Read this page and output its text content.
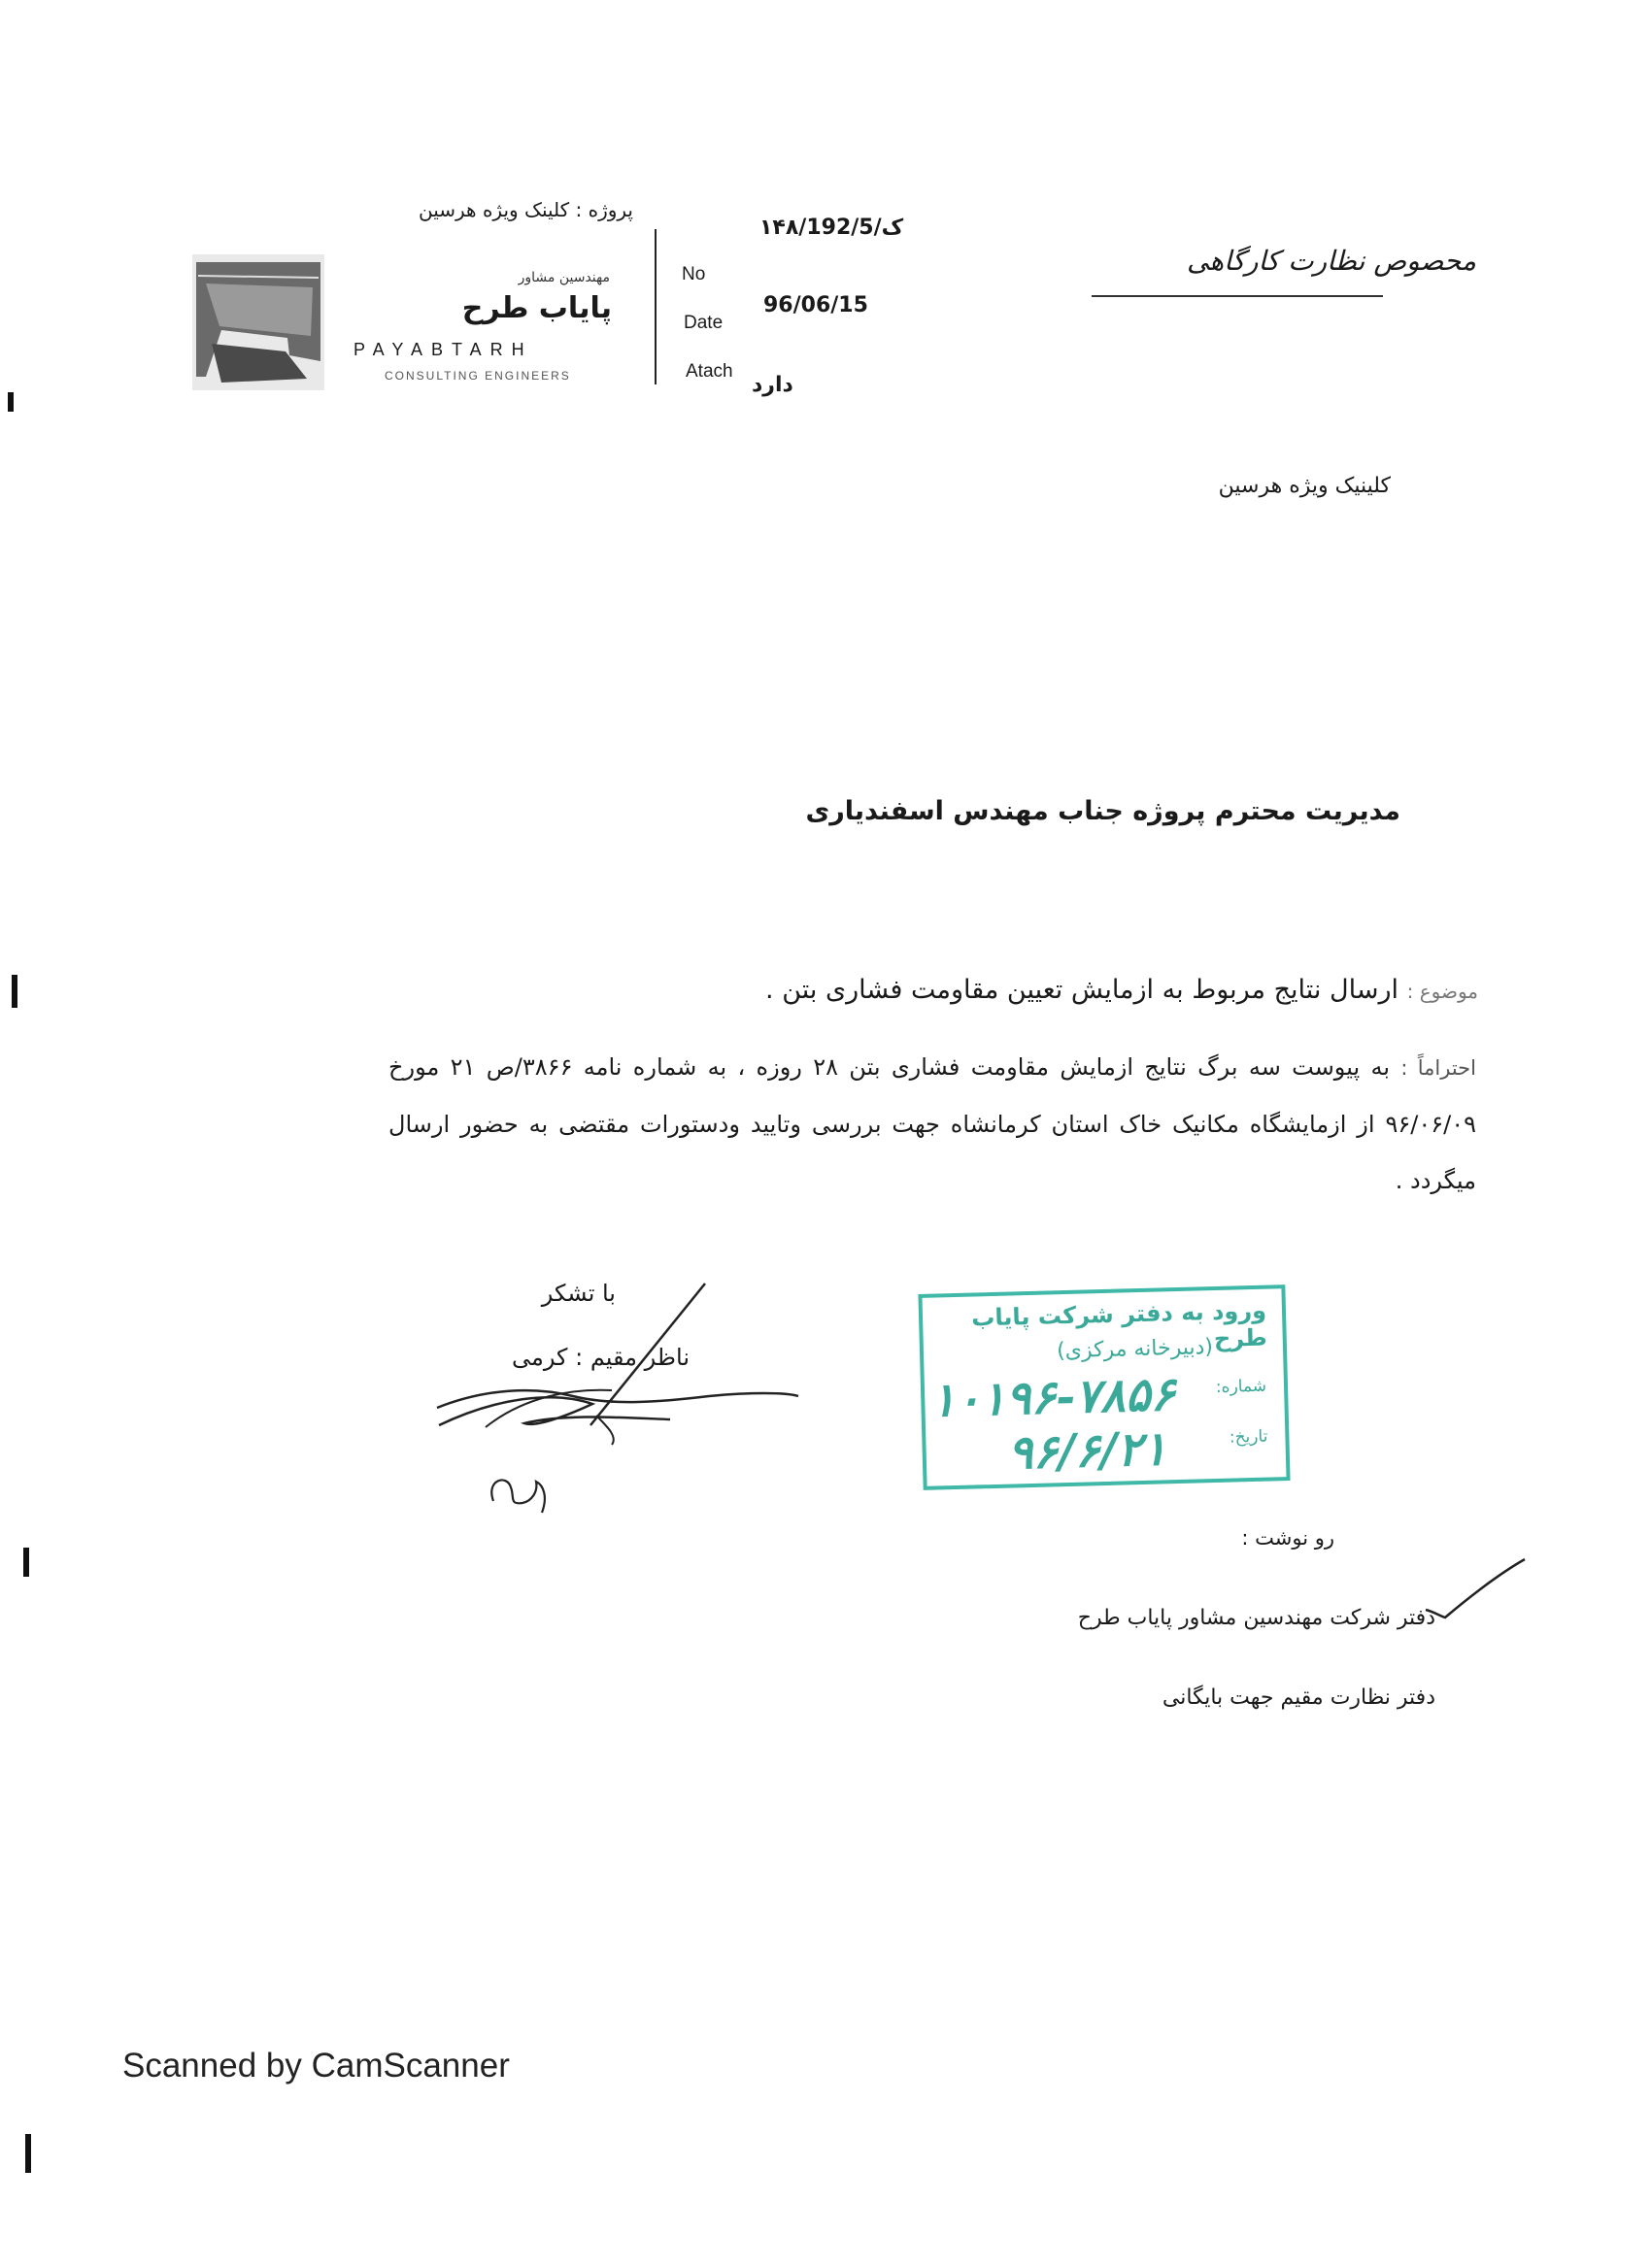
پروژه : کلینک ویژه هرسین
مهندسین مشاور
پایاب طرح
PAYABTARH
CONSULTING ENGINEERS
No
Date
Atach
۱۴۸/ک/192/5
96/06/15
دارد
محصوص نظارت کارگاهی
کلینیک ویژه هرسین
مدیریت محترم پروژه جناب مهندس اسفندیاری
موضوع : ارسال نتایج مربوط به ازمایش تعیین مقاومت فشاری بتن .
احتراماً : به پیوست سه برگ نتایج ازمایش مقاومت فشاری بتن ۲۸ روزه ، به شماره نامه ۳۸۶۶/ص ۲۱ مورخ ۹۶/۰۶/۰۹ از ازمایشگاه مکانیک خاک استان کرمانشاه جهت بررسی وتایید ودستورات مقتضی به حضور ارسال میگردد .
با تشکر
ناظر مقیم : کرمی
ورود به دفتر شرکت پایاب طرح
(دبیرخانه مرکزی)
شماره:
تاریخ:
۱۰۱۹۶-۷۸۵۶
۹۶/۶/۲۱
رو نوشت :
دفتر شرکت مهندسین مشاور پایاب طرح
دفتر نظارت مقیم جهت بایگانی
Scanned by CamScanner
